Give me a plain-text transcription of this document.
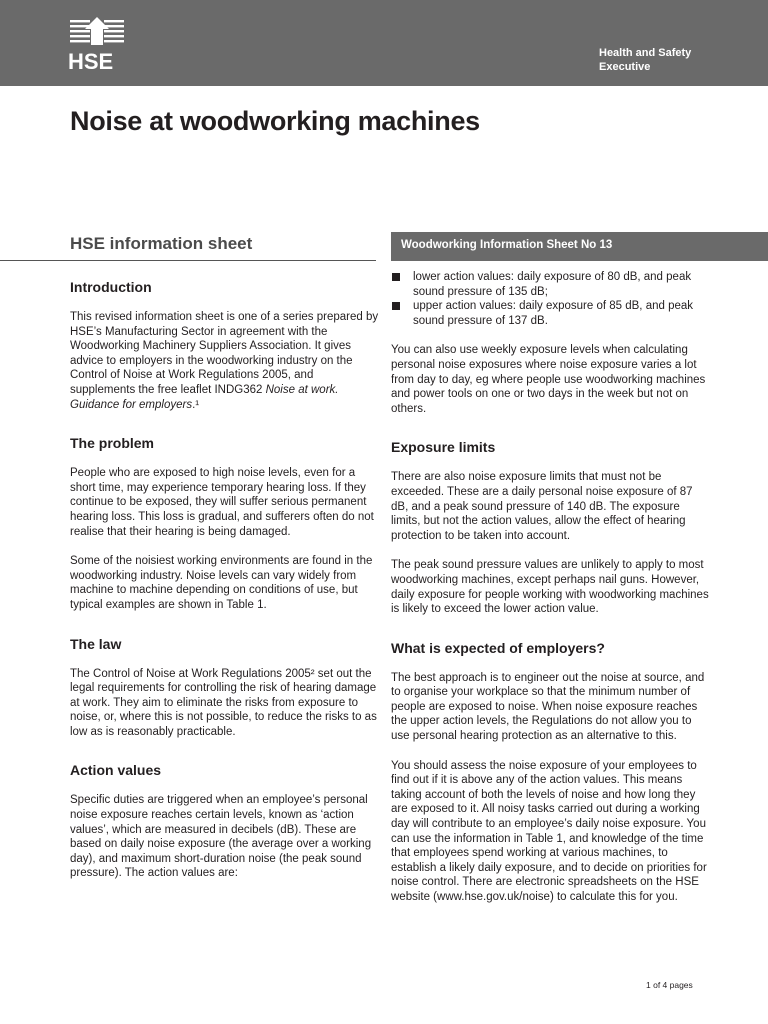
HSE	Health and Safety
Executive
Noise at woodworking machines
HSE information sheet	Woodworking Information Sheet No 13
Introduction

This revised information sheet is one of a series prepared by HSE’s Manufacturing Sector in agreement with the Woodworking Machinery Suppliers Association. It gives advice to employers in the woodworking industry on the Control of Noise at Work Regulations 2005, and supplements the free leaflet INDG362 Noise at work. Guidance for employers.¹

The problem

People who are exposed to high noise levels, even for a short time, may experience temporary hearing loss. If they continue to be exposed, they will suffer serious permanent hearing loss. This loss is gradual, and sufferers often do not realise that their hearing is being damaged.

Some of the noisiest working environments are found in the woodworking industry. Noise levels can vary widely from machine to machine depending on conditions of use, but typical examples are shown in Table 1.

The law

The Control of Noise at Work Regulations 2005² set out the legal requirements for controlling the risk of hearing damage at work. They aim to eliminate the risks from exposure to noise, or, where this is not possible, to reduce the risks to as low as is reasonably practicable.

Action values

Specific duties are triggered when an employee’s personal noise exposure reaches certain levels, known as ‘action values’, which are measured in decibels (dB). These are based on daily noise exposure (the average over a working day), and maximum short-duration noise (the peak sound pressure). The action values are:

lower action values: daily exposure of 80 dB, and peak sound pressure of 135 dB;
upper action values: daily exposure of 85 dB, and peak sound pressure of 137 dB.

You can also use weekly exposure levels when calculating personal noise exposures where noise exposure varies a lot from day to day, eg where people use woodworking machines and power tools on one or two days in the week but not on others.

Exposure limits

There are also noise exposure limits that must not be exceeded. These are a daily personal noise exposure of 87 dB, and a peak sound pressure of 140 dB. The exposure limits, but not the action values, allow the effect of hearing protection to be taken into account.

The peak sound pressure values are unlikely to apply to most woodworking machines, except perhaps nail guns. However, daily exposure for people working with woodworking machines is likely to exceed the lower action value.

What is expected of employers?

The best approach is to engineer out the noise at source, and to organise your workplace so that the minimum number of people are exposed to noise. When noise exposure reaches the upper action levels, the Regulations do not allow you to use personal hearing protection as an alternative to this.

You should assess the noise exposure of your employees to find out if it is above any of the action values. This means taking account of both the levels of noise and how long they are exposed to it. All noisy tasks carried out during a working day will contribute to an employee’s daily noise exposure. You can use the information in Table 1, and knowledge of the time that employees spend working at various machines, to establish a likely daily exposure, and to decide on priorities for noise control. There are electronic spreadsheets on the HSE website (www.hse.gov.uk/noise) to calculate this for you.

1 of 4 pages
